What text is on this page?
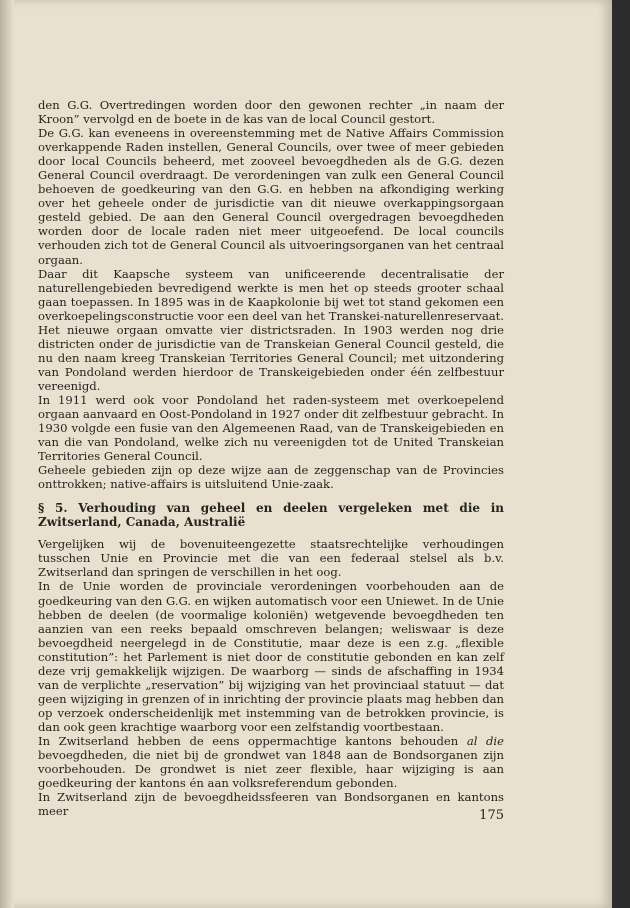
den G.G. Overtredingen worden door den gewonen rechter „in naam der Kroon” vervolgd en de boete in de kas van de local Council gestort.

De G.G. kan eveneens in overeenstemming met de Native Affairs Commission overkappende Raden instellen, General Councils, over twee of meer gebieden door local Councils beheerd, met zooveel bevoegdheden als de G.G. dezen General Council overdraagt. De verordeningen van zulk een General Council behoeven de goedkeuring van den G.G. en hebben na afkondiging werking over het geheele onder de jurisdictie van dit nieuwe overkappingsorgaan gesteld gebied. De aan den General Council overgedragen bevoegdheden worden door de locale raden niet meer uitgeoefend. De local councils verhouden zich tot de General Council als uitvoeringsorganen van het centraal orgaan.

Daar dit Kaapsche systeem van unificeerende decentralisatie der naturellengebieden bevredigend werkte is men het op steeds grooter schaal gaan toepassen. In 1895 was in de Kaapkolonie bij wet tot stand gekomen een overkoepelingsconstructie voor een deel van het Transkei-naturellenreservaat. Het nieuwe orgaan omvatte vier districtsraden. In 1903 werden nog drie districten onder de jurisdictie van de Transkeian General Council gesteld, die nu den naam kreeg Transkeian Territories General Council; met uitzondering van Pondoland werden hierdoor de Transkeigebieden onder één zelfbestuur vereenigd.

In 1911 werd ook voor Pondoland het raden-systeem met overkoepelend orgaan aanvaard en Oost-Pondoland in 1927 onder dit zelfbestuur gebracht. In 1930 volgde een fusie van den Algemeenen Raad, van de Transkeigebieden en van die van Pondoland, welke zich nu vereenigden tot de United Transkeian Territories General Council.

Geheele gebieden zijn op deze wijze aan de zeggenschap van de Provincies onttrokken; native-affairs is uitsluitend Unie-zaak.

§ 5. Verhouding van geheel en deelen vergeleken met die in Zwitserland, Canada, Australië

Vergelijken wij de bovenuiteengezette staatsrechtelijke verhoudingen tusschen Unie en Provincie met die van een federaal stelsel als b.v. Zwitserland dan springen de verschillen in het oog.

In de Unie worden de provinciale verordeningen voorbehouden aan de goedkeuring van den G.G. en wijken automatisch voor een Uniewet. In de Unie hebben de deelen (de voormalige koloniën) wetgevende bevoegdheden ten aanzien van een reeks bepaald omschreven belangen; weliswaar is deze bevoegdheid neergelegd in de Constitutie, maar deze is een z.g. „flexible constitution”: het Parlement is niet door de constitutie gebonden en kan zelf deze vrij gemakkelijk wijzigen. De waarborg — sinds de afschaffing in 1934 van de verplichte „reservation” bij wijziging van het provinciaal statuut — dat geen wijziging in grenzen of in inrichting der provincie plaats mag hebben dan op verzoek onderscheidenlijk met instemming van de betrokken provincie, is dan ook geen krachtige waarborg voor een zelfstandig voortbestaan.

In Zwitserland hebben de eens oppermachtige kantons behouden al die bevoegdheden, die niet bij de grondwet van 1848 aan de Bondsorganen zijn voorbehouden. De grondwet is niet zeer flexible, haar wijziging is aan goedkeuring der kantons én aan volksreferendum gebonden.

In Zwitserland zijn de bevoegdheidssfeeren van Bondsorganen en kantons meer	175
